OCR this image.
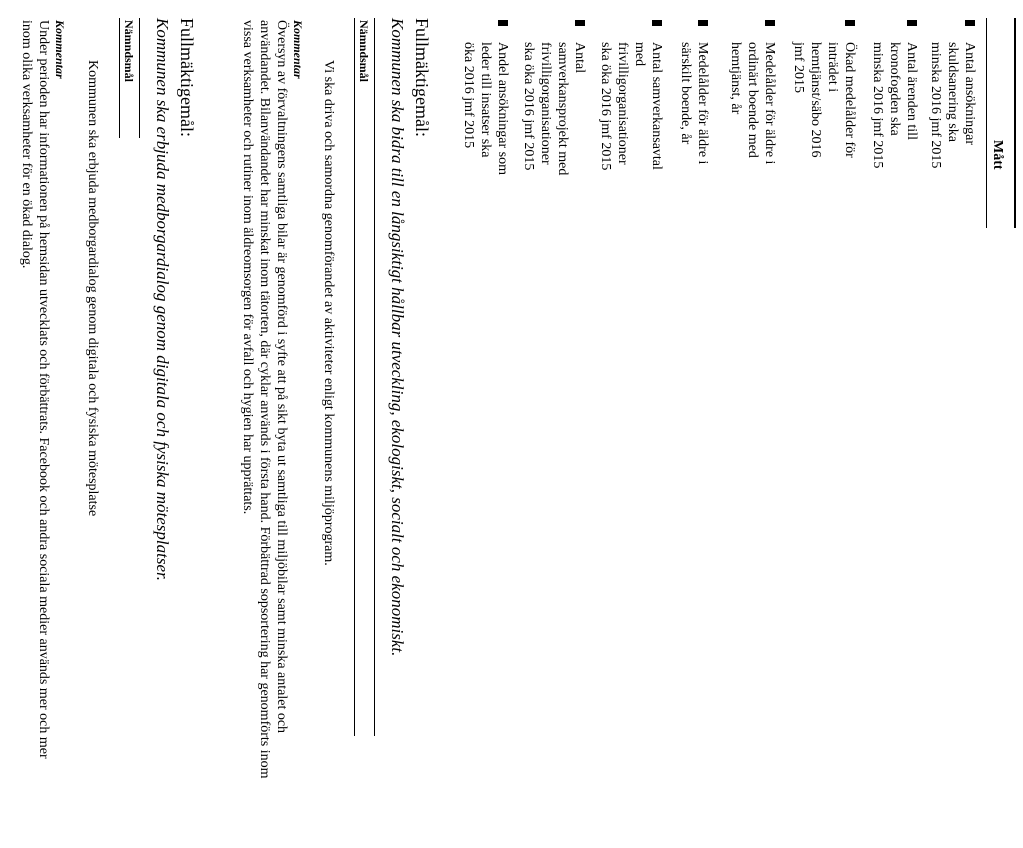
Mått
Antal ansökningar
skuldsanering ska
minska 2016 jmf 2015
Antal ärenden till
kronofogden ska
minska 2016 jmf 2015
Ökad medelålder för
inträdet i
hemtjänst/säbo 2016
jmf 2015
Medelålder för äldre i
ordinärt boende med
hemtjänst, år
Medelålder för äldre i
särskilt boende, år
Antal samverkansavtal
med
frivilligorganisationer
ska öka 2016 jmf 2015
Antal
samverkansprojekt med
frivilligorganisationer
ska öka 2016 jmf 2015
Andel ansökningar som
leder till insatser ska
öka 2016 jmf 2015
Fullmäktigemål:
Kommunen ska bidra till en långsiktigt hållbar utveckling, ekologiskt, socialt och ekonomiskt.
Nämndsmål
Vi ska driva och samordna genomförandet av aktiviteter enligt kommunens miljöprogram.
Kommentar
Översyn av förvaltningens samtliga bilar är genomförd i syfte att på sikt byta ut samtliga till miljöbilar samt minska antalet och
användandet. Bilanvändandet har minskat inom tätorten, där cyklar används i första hand. Förbättrad sopsortering har genomförts inom
vissa verksamheter och rutiner inom äldreomsorgen för avfall och hygien har upprättats.
Fullmäktigemål:
Kommunen ska erbjuda medborgardialog genom digitala och fysiska mötesplatser.
Nämndsmål
Kommunen ska erbjuda medborgardialog genom digitala och fysiska mötesplatse
Kommentar
Under perioden har informationen på hemsidan utvecklats och förbättrats. Facebook och andra sociala medier används mer och mer
inom olika verksamheter för en ökad dialog.
